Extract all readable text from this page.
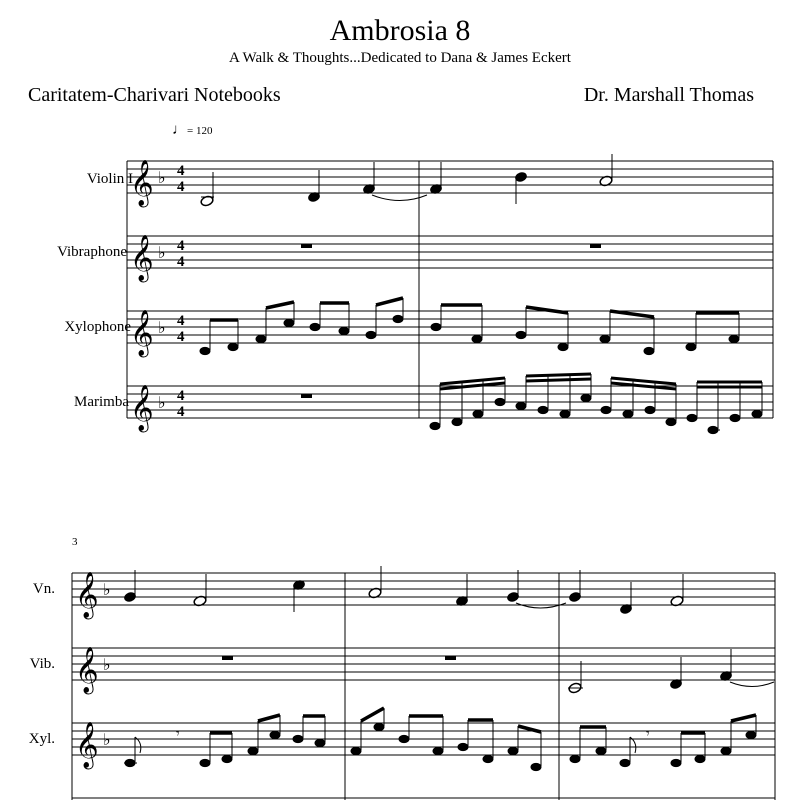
Ambrosia 8
A Walk & Thoughts...Dedicated to Dana & James Eckert
Caritatem-Charivari Notebooks	Dr. Marshall Thomas
♩= 120
Violin I
Vibraphone
Xylophone
Marimba
3
Vn.
Vib.
Xyl.
𝄞
𝄞
𝄞
𝄞
♭
♭
♭
♭
4
4
4
4
4
4
4
4
𝄞
𝄞
𝄞
♭
♭
♭	𝄾	𝄾
